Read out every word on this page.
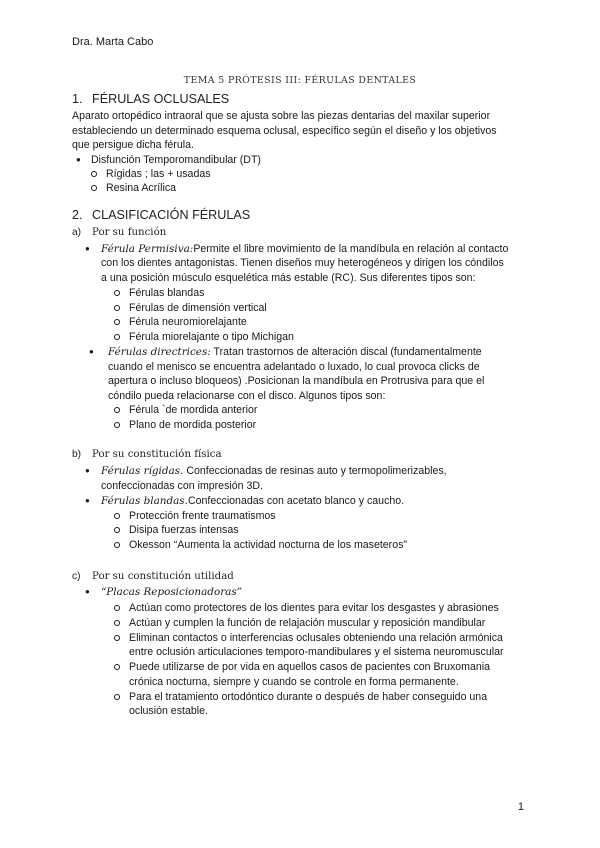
Dra. Marta Cabo
TEMA 5 PRÓTESIS III: FÉRULAS DENTALES
1. FÉRULAS OCLUSALES
Aparato ortopédico intraoral que se ajusta sobre las piezas dentarias del maxilar superior
estableciendo un determinado esquema oclusal, específico según el diseño y los objetivos
que persigue dicha férula.
● Disfunción Temporomandibular (DT)
Rígidas ; las + usadas
Resina Acrílica
2. CLASIFICACIÓN FÉRULAS
a) Por su función
● Férula Permisiva:Permite el libre movimiento de la mandíbula en relación al contacto
con los dientes antagonistas. Tienen diseños muy heterogéneos y dirigen los cóndilos
a una posición músculo esquelética más estable (RC). Sus diferentes tipos son:
Férulas blandas
Férulas de dimensión vertical
Férula neuromiorelajante
Férula miorelajante o tipo Michigan
● Férulas directrices: Tratan trastornos de alteración discal (fundamentalmente
cuando el menisco se encuentra adelantado o luxado, lo cual provoca clicks de
apertura o incluso bloqueos) .Posicionan la mandíbula en Protrusiva para que el
cóndilo pueda relacionarse con el disco. Algunos tipos son:
Férula `de mordida anterior
Plano de mordida posterior
b) Por su constitución física
● Férulas rígidas. Confeccionadas de resinas auto y termopolimerizables,
confeccionadas con impresión 3D.
● Férulas blandas.Confeccionadas con acetato blanco y caucho.
Protección frente traumatismos
Disipa fuerzas intensas
Okesson “Aumenta la actividad nocturna de los maseteros”
c) Por su constitución utilidad
● “Placas Reposicionadoras”
Actúan como protectores de los dientes para evitar los desgastes y abrasiones
Actúan y cumplen la función de relajación muscular y reposición mandibular
Eliminan contactos o interferencias oclusales obteniendo una relación armónica
entre oclusión articulaciones temporo-mandibulares y el sistema neuromuscular
Puede utilizarse de por vida en aquellos casos de pacientes con Bruxomania
crónica nocturna, siempre y cuando se controle en forma permanente.
Para el tratamiento ortodóntico durante o después de haber conseguido una
oclusión estable.
1
